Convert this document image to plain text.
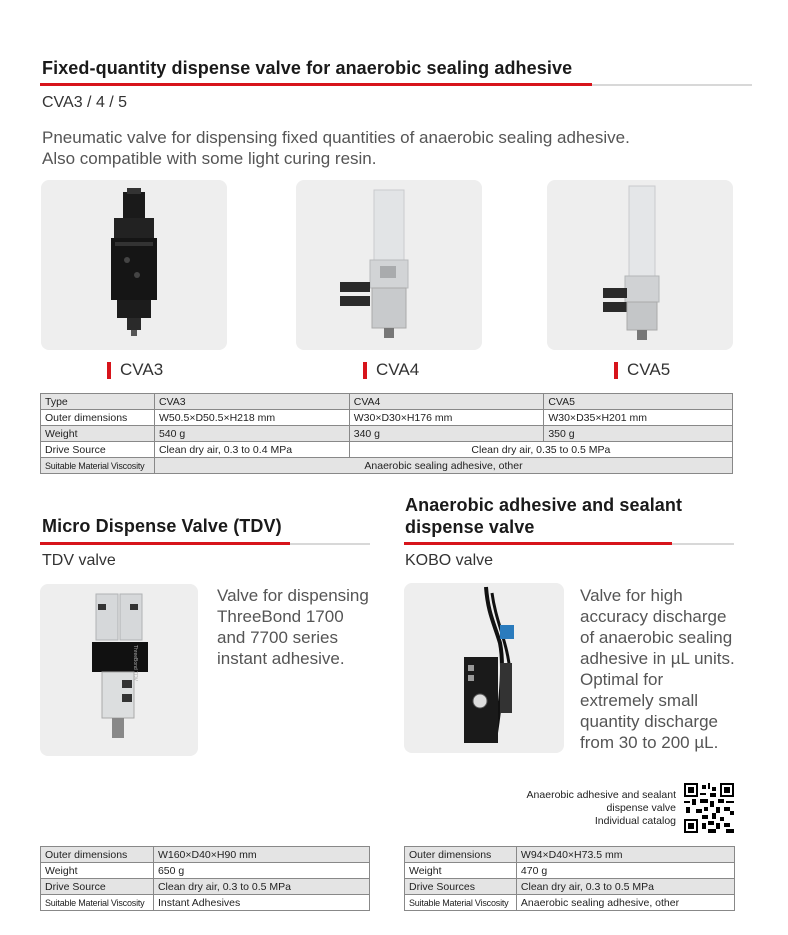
Fixed-quantity dispense valve for anaerobic sealing adhesive
CVA3 / 4 / 5
Pneumatic valve for dispensing fixed quantities of anaerobic sealing adhesive.
Also compatible with some light curing resin.
CVA3	CVA4	CVA5
Type	CVA3	CVA4	CVA5
Outer dimensions	W50.5×D50.5×H218 mm	W30×D30×H176 mm	W30×D35×H201 mm
Weight	540 g	340 g	350 g
Drive Source	Clean dry air, 0.3 to 0.4 MPa	Clean dry air, 0.35 to 0.5 MPa	
Suitable Material Viscosity	Anaerobic sealing adhesive, other		
Micro Dispense Valve (TDV)
TDV valve
ThreeBond TDV
Valve for dispensing
ThreeBond 1700
and 7700 series
instant adhesive.
Outer dimensions	W160×D40×H90 mm
Weight	650 g
Drive Source	Clean dry air, 0.3 to 0.5 MPa
Suitable Material Viscosity	Instant Adhesives
Anaerobic adhesive and sealant
dispense valve
KOBO valve
Valve for high
accuracy discharge
of anaerobic sealing
adhesive in µL units.
Optimal for
extremely small
quantity discharge
from 30 to 200 µL.
Anaerobic adhesive and sealant
dispense valve
Individual catalog
Outer dimensions	W94×D40×H73.5 mm
Weight	470 g
Drive Sources	Clean dry air, 0.3 to 0.5 MPa
Suitable Material Viscosity	Anaerobic sealing adhesive, other
